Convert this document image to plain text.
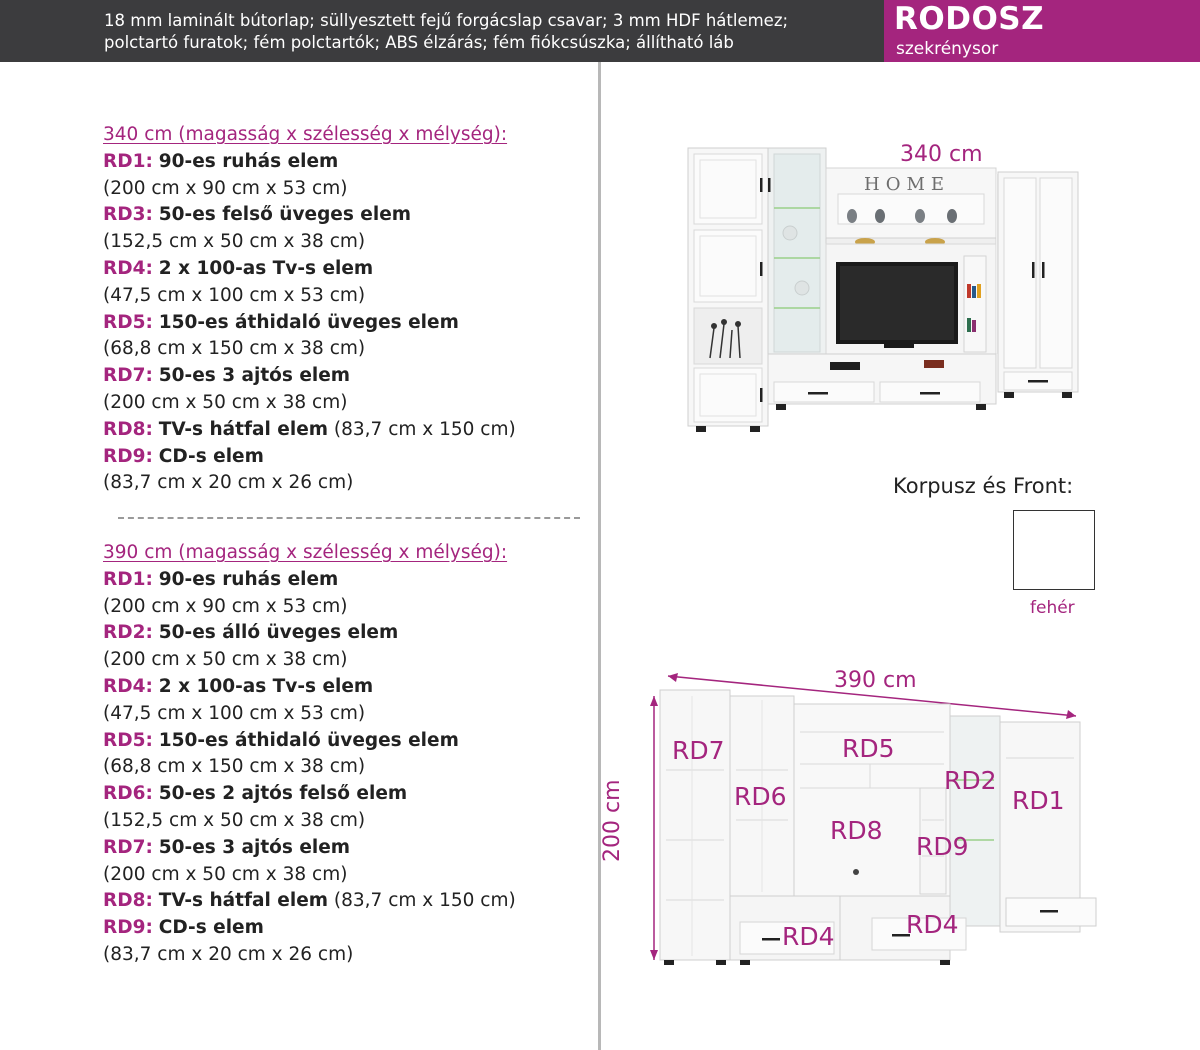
18 mm laminált bútorlap; süllyesztett fejű forgácslap csavar; 3 mm HDF hátlemez;
polctartó furatok; fém polctartók; ABS élzárás; fém fiókcsúszka; állítható láb
RODOSZ
szekrénysor
340 cm (magasság x szélesség x mélység):
RD1: 90-es ruhás elem
(200 cm x 90 cm x 53 cm)
RD3: 50-es felső üveges elem
(152,5 cm x 50 cm x 38 cm)
RD4: 2 x 100-as Tv-s elem
(47,5 cm x 100 cm x 53 cm)
RD5: 150-es áthidaló üveges elem
(68,8 cm x 150 cm x 38 cm)
RD7: 50-es 3 ajtós elem
(200 cm x 50 cm x 38 cm)
RD8: TV-s hátfal elem (83,7 cm x 150 cm)
RD9: CD-s elem
(83,7 cm x 20 cm x 26 cm)
390 cm (magasság x szélesség x mélység):
RD1: 90-es ruhás elem
(200 cm x 90 cm x 53 cm)
RD2: 50-es álló üveges elem
(200 cm x 50 cm x 38 cm)
RD4: 2 x 100-as Tv-s elem
(47,5 cm x 100 cm x 53 cm)
RD5: 150-es áthidaló üveges elem
(68,8 cm x 150 cm x 38 cm)
RD6: 50-es 2 ajtós felső elem
(152,5 cm x 50 cm x 38 cm)
RD7: 50-es 3 ajtós elem
(200 cm x 50 cm x 38 cm)
RD8: TV-s hátfal elem (83,7 cm x 150 cm)
RD9: CD-s elem
(83,7 cm x 20 cm x 26 cm)
HOME
340 cm
Korpusz és Front:
fehér
390 cm
200 cm
RD7
RD6
RD5
RD2
RD1
RD8
RD9
RD4	RD4
